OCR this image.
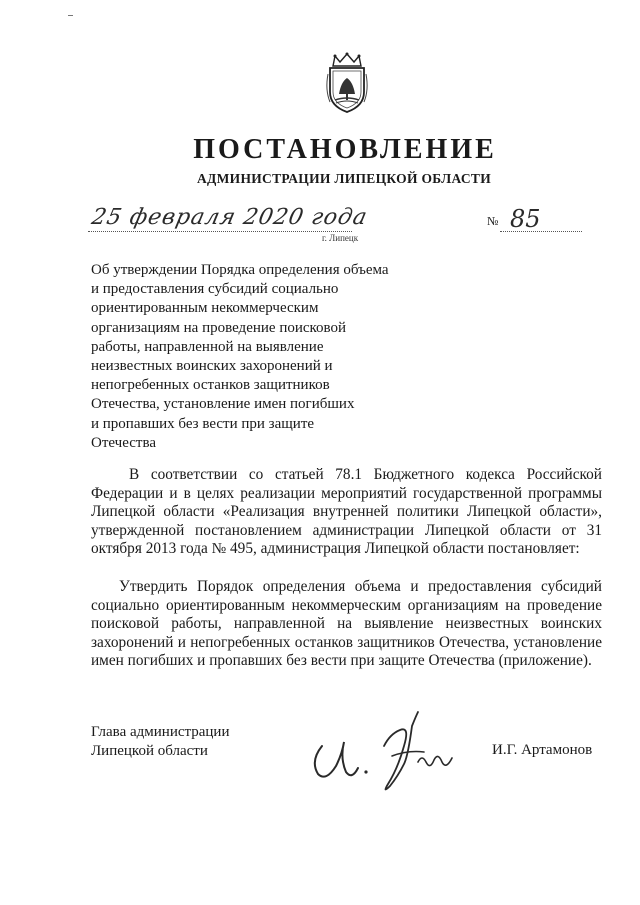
ПОСТАНОВЛЕНИЕ
АДМИНИСТРАЦИИ ЛИПЕЦКОЙ ОБЛАСТИ
25 февраля 2020 года
г. Липецк
№ 85
Об утверждении Порядка определения объема
и предоставления субсидий социально
ориентированным некоммерческим
организациям на проведение поисковой
работы, направленной на выявление
неизвестных воинских захоронений и
непогребенных останков защитников
Отечества, установление имен погибших
и пропавших без вести при защите
Отечества
В соответствии со статьей 78.1 Бюджетного кодекса Российской Федерации и в целях реализации мероприятий государственной программы Липецкой области «Реализация внутренней политики Липецкой области», утвержденной постановлением администрации Липецкой области от 31 октября 2013 года № 495, администрация Липецкой области постановляет:
Утвердить Порядок определения объема и предоставления субсидий социально ориентированным некоммерческим организациям на проведение поисковой работы, направленной на выявление неизвестных воинских захоронений и непогребенных останков защитников Отечества, установление имен погибших и пропавших без вести при защите Отечества (приложение).
Глава администрации
Липецкой области	И.Г. Артамонов
